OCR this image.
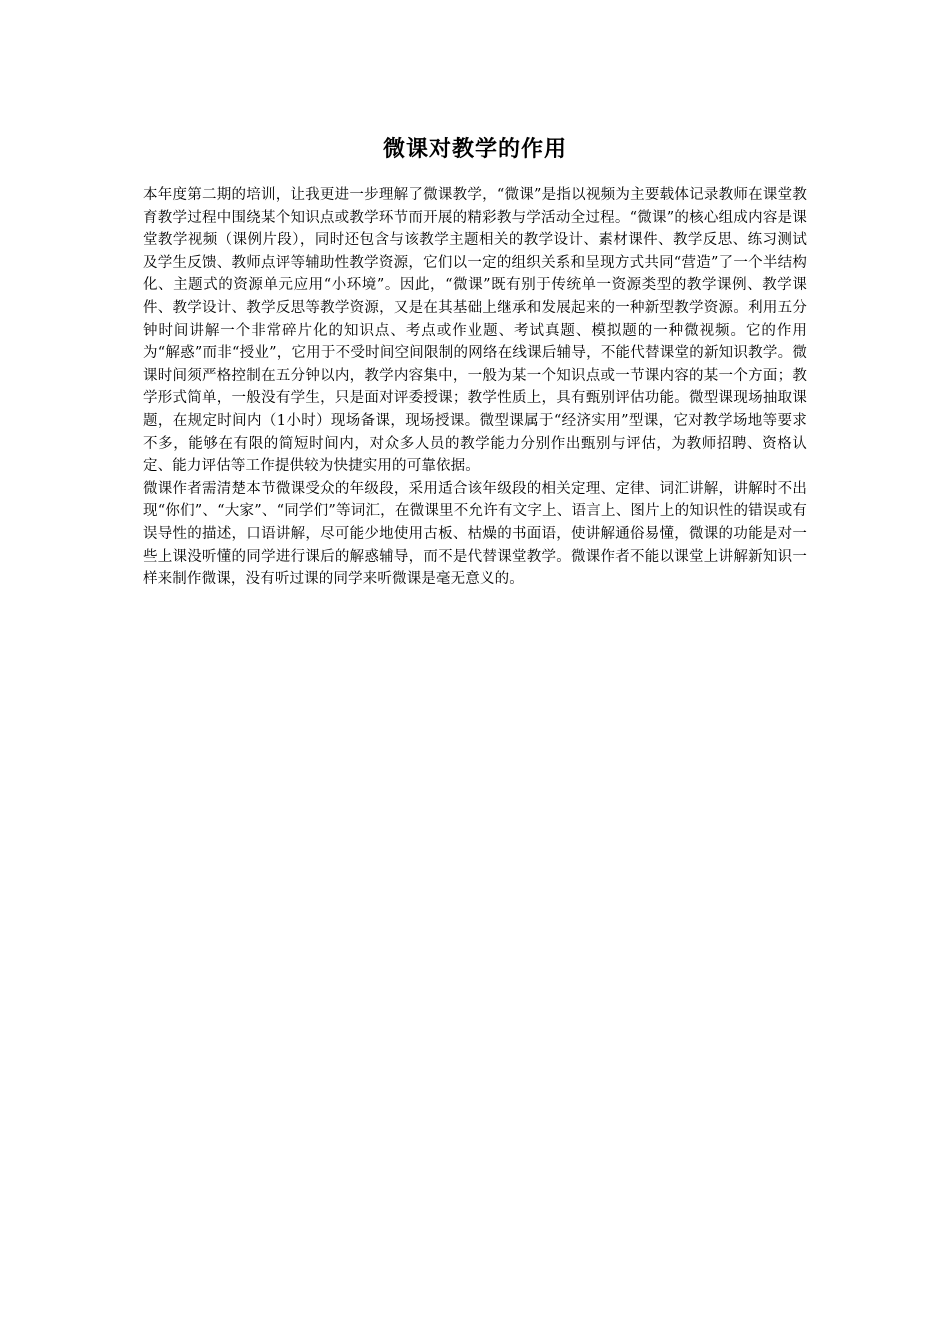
微课对教学的作用

本年度第二期的培训，让我更进一步理解了微课教学，“微课”是指以视频为主要载体记录教师在课堂教育教学过程中围绕某个知识点或教学环节而开展的精彩教与学活动全过程。“微课”的核心组成内容是课堂教学视频（课例片段），同时还包含与该教学主题相关的教学设计、素材课件、教学反思、练习测试及学生反馈、教师点评等辅助性教学资源，它们以一定的组织关系和呈现方式共同“营造”了一个半结构化、主题式的资源单元应用“小环境”。因此，“微课”既有别于传统单一资源类型的教学课例、教学课件、教学设计、教学反思等教学资源，又是在其基础上继承和发展起来的一种新型教学资源。利用五分钟时间讲解一个非常碎片化的知识点、考点或作业题、考试真题、模拟题的一种微视频。它的作用为“解惑”而非“授业”，它用于不受时间空间限制的网络在线课后辅导，不能代替课堂的新知识教学。微课时间须严格控制在五分钟以内，教学内容集中，一般为某一个知识点或一节课内容的某一个方面；教学形式简单，一般没有学生，只是面对评委授课；教学性质上，具有甄别评估功能。微型课现场抽取课题，在规定时间内（1小时）现场备课，现场授课。微型课属于“经济实用”型课，它对教学场地等要求不多，能够在有限的简短时间内，对众多人员的教学能力分别作出甄别与评估，为教师招聘、资格认定、能力评估等工作提供较为快捷实用的可靠依据。

微课作者需清楚本节微课受众的年级段，采用适合该年级段的相关定理、定律、词汇讲解，讲解时不出现“你们”、“大家”、“同学们”等词汇，在微课里不允许有文字上、语言上、图片上的知识性的错误或有误导性的描述，口语讲解，尽可能少地使用古板、枯燥的书面语，使讲解通俗易懂，微课的功能是对一些上课没听懂的同学进行课后的解惑辅导，而不是代替课堂教学。微课作者不能以课堂上讲解新知识一样来制作微课，没有听过课的同学来听微课是毫无意义的。
